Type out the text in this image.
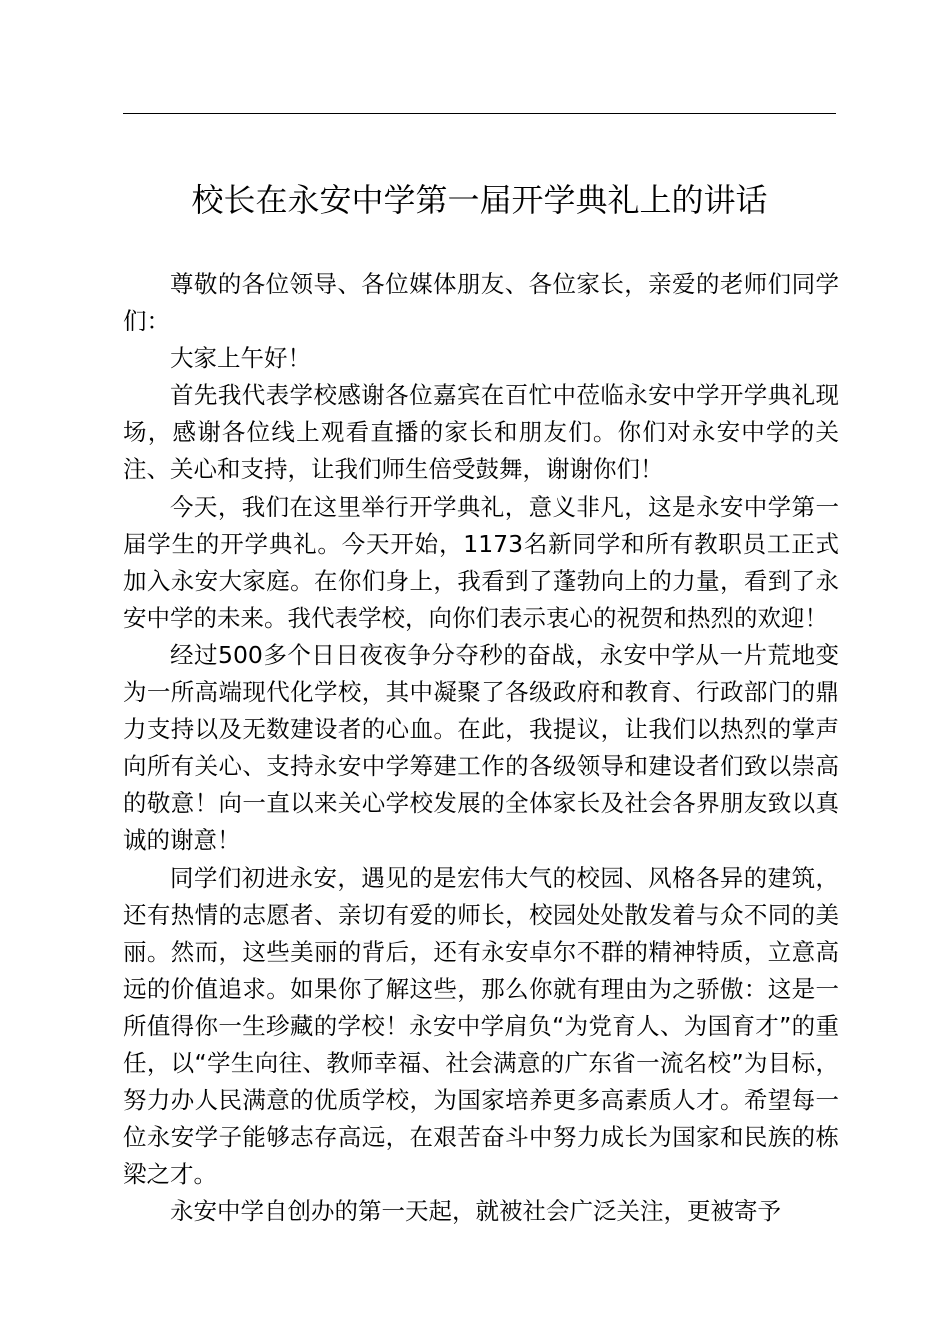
校长在永安中学第一届开学典礼上的讲话

尊敬的各位领导、各位媒体朋友、各位家长，亲爱的老师们同学们：

大家上午好！

首先我代表学校感谢各位嘉宾在百忙中莅临永安中学开学典礼现场，感谢各位线上观看直播的家长和朋友们。你们对永安中学的关注、关心和支持，让我们师生倍受鼓舞，谢谢你们！

今天，我们在这里举行开学典礼，意义非凡，这是永安中学第一届学生的开学典礼。今天开始，1173名新同学和所有教职员工正式加入永安大家庭。在你们身上，我看到了蓬勃向上的力量，看到了永安中学的未来。我代表学校，向你们表示衷心的祝贺和热烈的欢迎！

经过500多个日日夜夜争分夺秒的奋战，永安中学从一片荒地变为一所高端现代化学校，其中凝聚了各级政府和教育、行政部门的鼎力支持以及无数建设者的心血。在此，我提议，让我们以热烈的掌声向所有关心、支持永安中学筹建工作的各级领导和建设者们致以崇高的敬意！向一直以来关心学校发展的全体家长及社会各界朋友致以真诚的谢意！

同学们初进永安，遇见的是宏伟大气的校园、风格各异的建筑，还有热情的志愿者、亲切有爱的师长，校园处处散发着与众不同的美丽。然而，这些美丽的背后，还有永安卓尔不群的精神特质，立意高远的价值追求。如果你了解这些，那么你就有理由为之骄傲：这是一所值得你一生珍藏的学校！永安中学肩负“为党育人、为国育才”的重任，以“学生向往、教师幸福、社会满意的广东省一流名校”为目标，努力办人民满意的优质学校，为国家培养更多高素质人才。希望每一位永安学子能够志存高远，在艰苦奋斗中努力成长为国家和民族的栋梁之才。

永安中学自创办的第一天起，就被社会广泛关注，更被寄予
